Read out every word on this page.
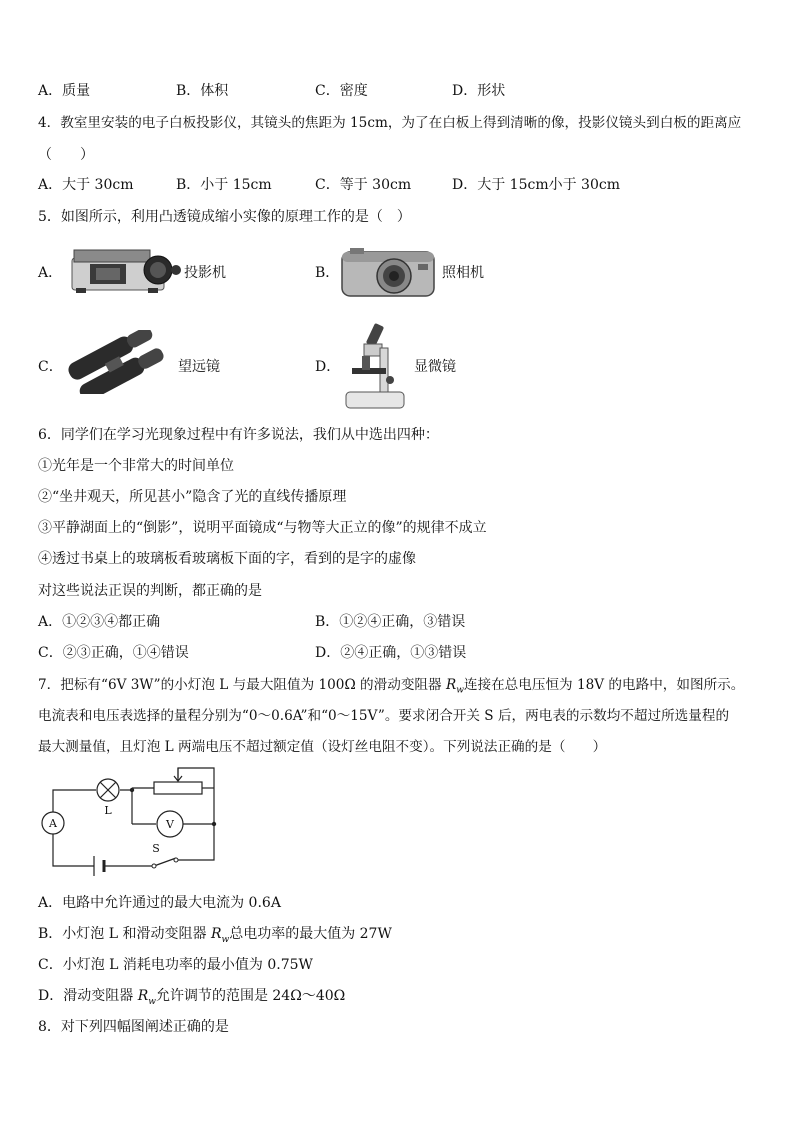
A．质量	B．体积	C．密度	D．形状
4．教室里安装的电子白板投影仪，其镜头的焦距为 15cm，为了在白板上得到清晰的像，投影仪镜头到白板的距离应
（　　）
A．大于 30cm	B．小于 15cm	C．等于 30cm	D．大于 15cm小于 30cm
5．如图所示，利用凸透镜成缩小实像的原理工作的是（　）
A．	投影机	B．	照相机
C．	望远镜	D．	显微镜
6．同学们在学习光现象过程中有许多说法，我们从中选出四种：
①光年是一个非常大的时间单位
②“坐井观天，所见甚小”隐含了光的直线传播原理
③平静湖面上的“倒影”，说明平面镜成“与物等大正立的像”的规律不成立
④透过书桌上的玻璃板看玻璃板下面的字，看到的是字的虚像
对这些说法正误的判断，都正确的是
A．①②③④都正确	B．①②④正确，③错误
C．②③正确，①④错误	D．②④正确，①③错误
7．把标有“6V 3W”的小灯泡 L 与最大阻值为 100Ω 的滑动变阻器 $R_w$连接在总电压恒为 18V 的电路中，如图所示。
电流表和电压表选择的量程分别为“0～0.6A”和“0～15V”。要求闭合开关 S 后，两电表的示数均不超过所选量程的
最大测量值，且灯泡 L 两端电压不超过额定值（设灯丝电阻不变）。下列说法正确的是（　　）
L
A	V
S
A．电路中允许通过的最大电流为 0.6A
B．小灯泡 L 和滑动变阻器 $R_w$总电功率的最大值为 27W
C．小灯泡 L 消耗电功率的最小值为 0.75W
D．滑动变阻器 $R_w$允许调节的范围是 24Ω～40Ω
8．对下列四幅图阐述正确的是
